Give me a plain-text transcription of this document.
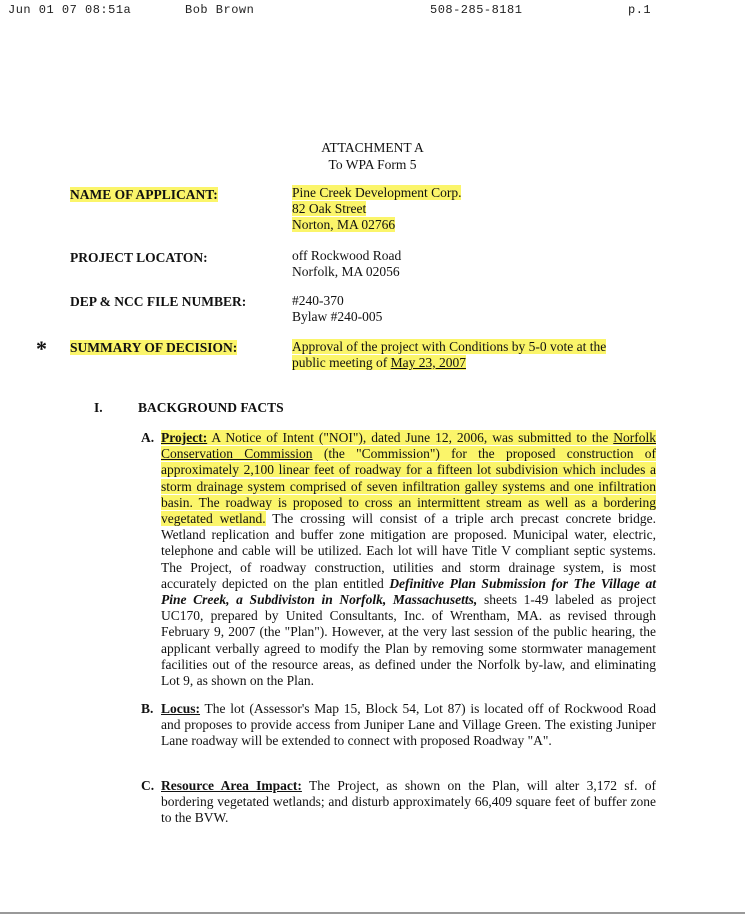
Jun 01 07 08:51a	Bob Brown	508-285-8181	p.1
ATTACHMENT A
To WPA Form 5
NAME OF APPLICANT:	Pine Creek Development Corp.
82 Oak Street
Norton, MA 02766
PROJECT LOCATON:	off Rockwood Road
Norfolk, MA 02056
DEP & NCC FILE NUMBER:	#240-370
Bylaw #240-005
* SUMMARY OF DECISION:	Approval of the project with Conditions by 5-0 vote at the
public meeting of May 23, 2007
I.	BACKGROUND FACTS
A. Project: A Notice of Intent ("NOI"), dated June 12, 2006, was submitted to the Norfolk Conservation Commission (the "Commission") for the proposed construction of approximately 2,100 linear feet of roadway for a fifteen lot subdivision which includes a storm drainage system comprised of seven infiltration galley systems and one infiltration basin. The roadway is proposed to cross an intermittent stream as well as a bordering vegetated wetland. The crossing will consist of a triple arch precast concrete bridge. Wetland replication and buffer zone mitigation are proposed. Municipal water, electric, telephone and cable will be utilized. Each lot will have Title V compliant septic systems. The Project, of roadway construction, utilities and storm drainage system, is most accurately depicted on the plan entitled Definitive Plan Submission for The Village at Pine Creek, a Subdiviston in Norfolk, Massachusetts, sheets 1-49 labeled as project UC170, prepared by United Consultants, Inc. of Wrentham, MA. as revised through February 9, 2007 (the "Plan"). However, at the very last session of the public hearing, the applicant verbally agreed to modify the Plan by removing some stormwater management facilities out of the resource areas, as defined under the Norfolk by-law, and eliminating Lot 9, as shown on the Plan.
B. Locus: The lot (Assessor's Map 15, Block 54, Lot 87) is located off of Rockwood Road and proposes to provide access from Juniper Lane and Village Green. The existing Juniper Lane roadway will be extended to connect with proposed Roadway "A".
C. Resource Area Impact: The Project, as shown on the Plan, will alter 3,172 sf. of bordering vegetated wetlands; and disturb approximately 66,409 square feet of buffer zone to the BVW.
